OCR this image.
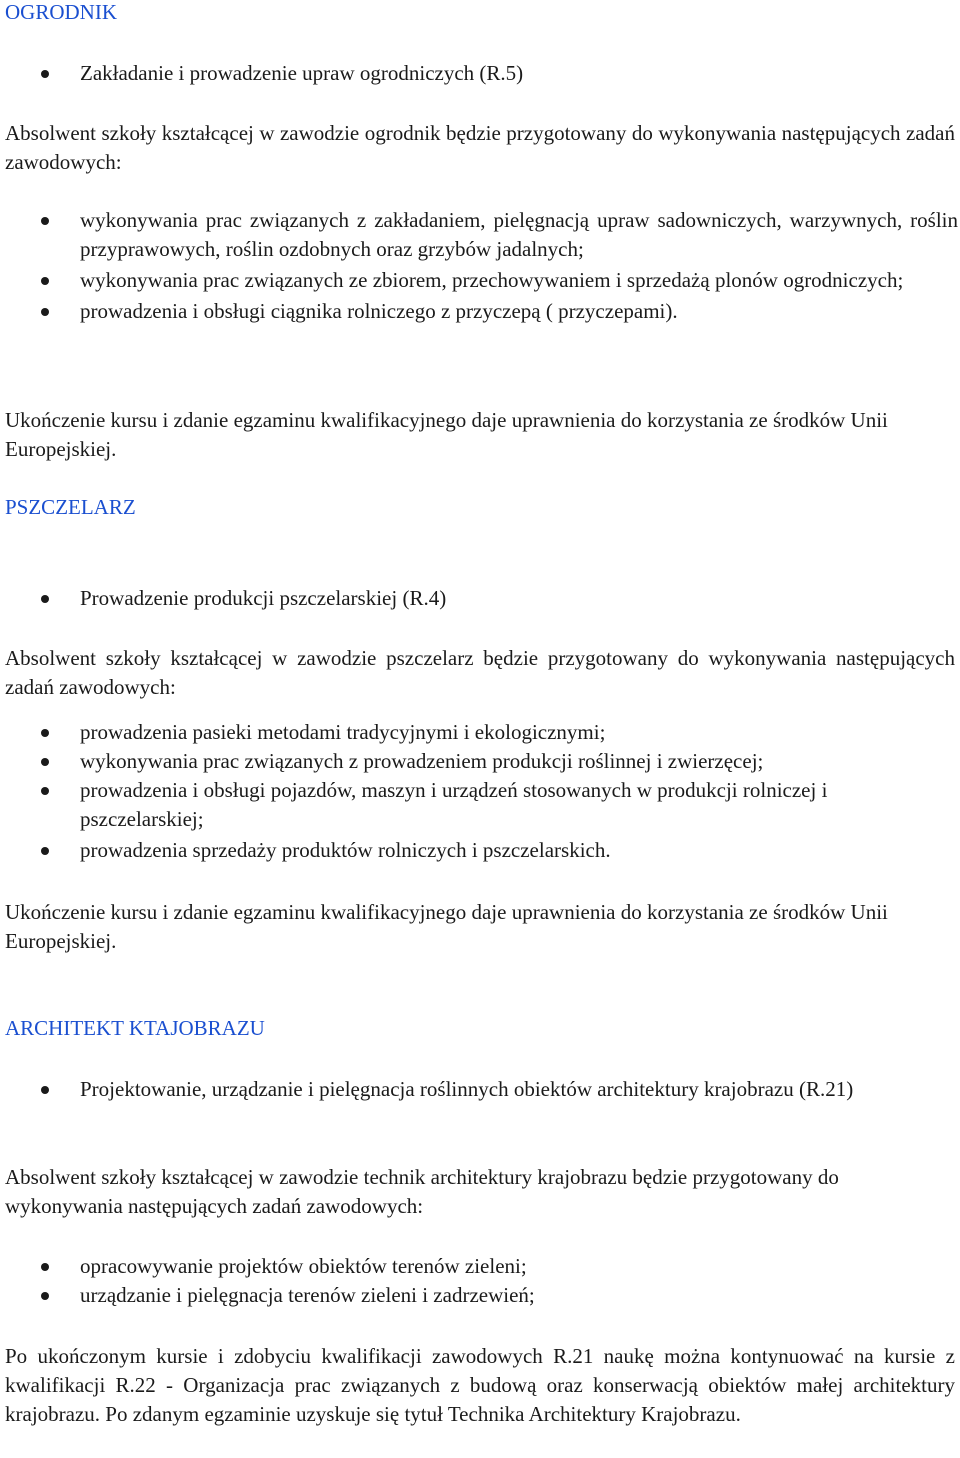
OGRODNIK
Zakładanie i prowadzenie upraw ogrodniczych (R.5)

Absolwent szkoły kształcącej w zawodzie ogrodnik będzie przygotowany do wykonywania następujących zadań zawodowych:

wykonywania prac związanych z zakładaniem, pielęgnacją upraw sadowniczych, warzywnych, roślin przyprawowych, roślin ozdobnych oraz grzybów jadalnych;
wykonywania prac związanych ze zbiorem, przechowywaniem i sprzedażą plonów ogrodniczych;
prowadzenia i obsługi ciągnika rolniczego z przyczepą ( przyczepami).

Ukończenie kursu i zdanie egzaminu kwalifikacyjnego daje uprawnienia do korzystania ze środków Unii Europejskiej.

PSZCZELARZ
Prowadzenie produkcji pszczelarskiej (R.4)

Absolwent szkoły kształcącej w zawodzie pszczelarz będzie przygotowany do wykonywania następujących zadań zawodowych:

prowadzenia pasieki metodami tradycyjnymi i ekologicznymi;
wykonywania prac związanych z prowadzeniem produkcji roślinnej i zwierzęcej;
prowadzenia i obsługi pojazdów, maszyn i urządzeń stosowanych w produkcji rolniczej i pszczelarskiej;
prowadzenia sprzedaży produktów rolniczych i pszczelarskich.

Ukończenie kursu i zdanie egzaminu kwalifikacyjnego daje uprawnienia do korzystania ze środków Unii Europejskiej.

ARCHITEKT KTAJOBRAZU
Projektowanie, urządzanie i pielęgnacja roślinnych obiektów architektury krajobrazu (R.21)

Absolwent szkoły kształcącej w zawodzie technik architektury krajobrazu będzie przygotowany do wykonywania następujących zadań zawodowych:

opracowywanie projektów obiektów terenów zieleni;
urządzanie i pielęgnacja terenów zieleni i zadrzewień;

Po ukończonym kursie i zdobyciu kwalifikacji zawodowych R.21 naukę można kontynuować na kursie z kwalifikacji R.22 - Organizacja prac związanych z budową oraz konserwacją obiektów małej architektury krajobrazu. Po zdanym egzaminie uzyskuje się tytuł Technika Architektury Krajobrazu.
